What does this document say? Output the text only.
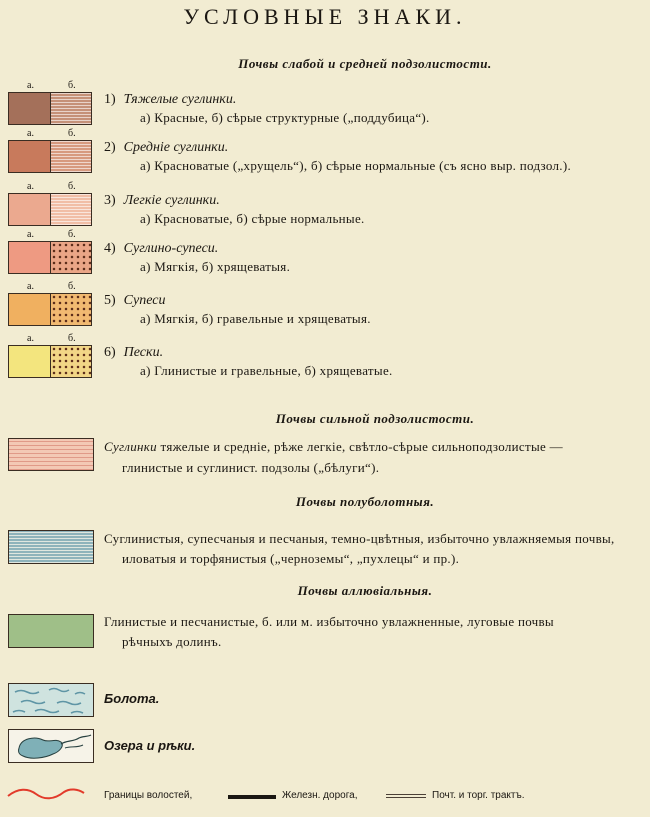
УСЛОВНЫЕ ЗНАКИ.
Почвы слабой и средней подзолистости.
а.	б.
1) Тяжелые суглинки.
а) Красные, б) сѣрые структурные („поддубица“).
а.	б.
2) Средніе суглинки.
а) Красноватые („хрущель“), б) сѣрые нормальные (съ ясно выр. подзол.).
а.	б.
3) Легкіе суглинки.
а) Красноватые, б) сѣрые нормальные.
а.	б.
4) Суглино-супеси.
а) Мягкія, б) хрящеватыя.
а.	б.
5) Супеси
а) Мягкія, б) гравельные и хрящеватыя.
а.	б.
6) Пески.
а) Глинистые и гравельные, б) хрящеватые.
Почвы сильной подзолистости.
Суглинки тяжелые и средніе, рѣже легкіе, свѣтло-сѣрые сильноподзолистые —
глинистые и суглинист. подзолы („бѣлуги“).
Почвы полуболотныя.
Суглинистыя, супесчаныя и песчаныя, темно-цвѣтныя, избыточно увлажняемыя почвы,
иловатыя и торфянистыя („черноземы“, „пухлецы“ и пр.).
Почвы аллювіальныя.
Глинистые и песчанистые, б. или м. избыточно увлажненные, луговые почвы
рѣчныхъ долинъ.
Болота.
Озера и рѣки.
Границы волостей,	Железн. дорога,	Почт. и торг. трактъ.
